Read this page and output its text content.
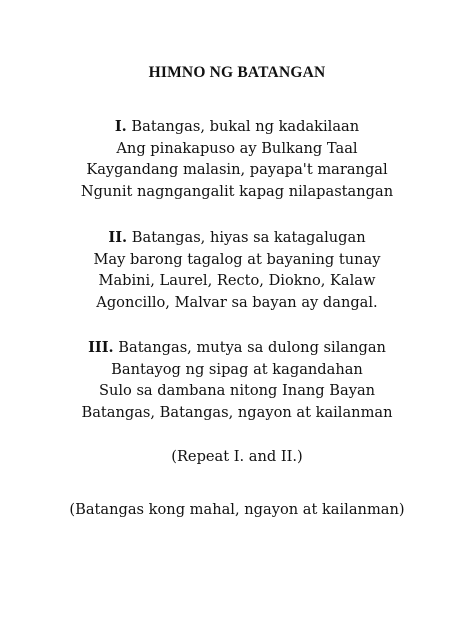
HIMNO NG BATANGAN
I. Batangas, bukal ng kadakilaan
Ang pinakapuso ay Bulkang Taal
Kaygandang malasin, payapa't marangal
Ngunit nagngangalit kapag nilapastangan
II. Batangas, hiyas sa katagalugan
May barong tagalog at bayaning tunay
Mabini, Laurel, Recto, Diokno, Kalaw
Agoncillo, Malvar sa bayan ay dangal.
III. Batangas, mutya sa dulong silangan
Bantayog ng sipag at kagandahan
Sulo sa dambana nitong Inang Bayan
Batangas, Batangas, ngayon at kailanman
(Repeat I. and II.)
(Batangas kong mahal, ngayon at kailanman)
